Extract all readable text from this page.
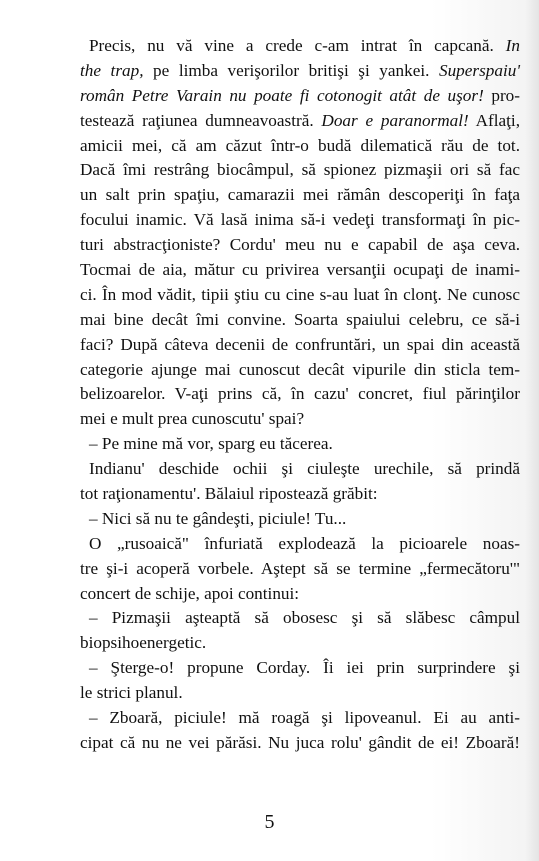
Precis, nu vă vine a crede c-am intrat în capcană. In
the trap, pe limba verişorilor britişi şi yankei. Superspaiu'
român Petre Varain nu poate fi cotonogit atât de uşor! pro-
testează raţiunea dumneavoastră. Doar e paranormal! Aflaţi,
amicii mei, că am căzut într-o budă dilematică rău de tot.
Dacă îmi restrâng biocâmpul, să spionez pizmaşii ori să fac
un salt prin spaţiu, camarazii mei rămân descoperiţi în faţa
focului inamic. Vă lasă inima să-i vedeţi transformaţi în pic-
turi abstracţioniste? Cordu' meu nu e capabil de aşa ceva.
Tocmai de aia, mătur cu privirea versanţii ocupaţi de inami-
ci. În mod vădit, tipii ştiu cu cine s-au luat în clonţ. Ne cunosc
mai bine decât îmi convine. Soarta spaiului celebru, ce să-i
faci? După câteva decenii de confruntări, un spai din această
categorie ajunge mai cunoscut decât vipurile din sticla tem-
belizoarelor. V-aţi prins că, în cazu' concret, fiul părinţilor
mei e mult prea cunoscutu' spai?
– Pe mine mă vor, sparg eu tăcerea.
Indianu' deschide ochii şi ciuleşte urechile, să prindă
tot raţionamentu'. Bălaiul ripostează grăbit:
– Nici să nu te gândeşti, piciule! Tu...
O „rusoaică" înfuriată explodează la picioarele noas-
tre şi-i acoperă vorbele. Aştept să se termine „fermecătoru'"
concert de schije, apoi continui:
– Pizmaşii aşteaptă să obosesc şi să slăbesc câmpul
biopsihoenergetic.
– Şterge-o! propune Corday. Îi iei prin surprindere şi
le strici planul.
– Zboară, piciule! mă roagă şi lipoveanul. Ei au anti-
cipat că nu ne vei părăsi. Nu juca rolu' gândit de ei! Zboară!
5
